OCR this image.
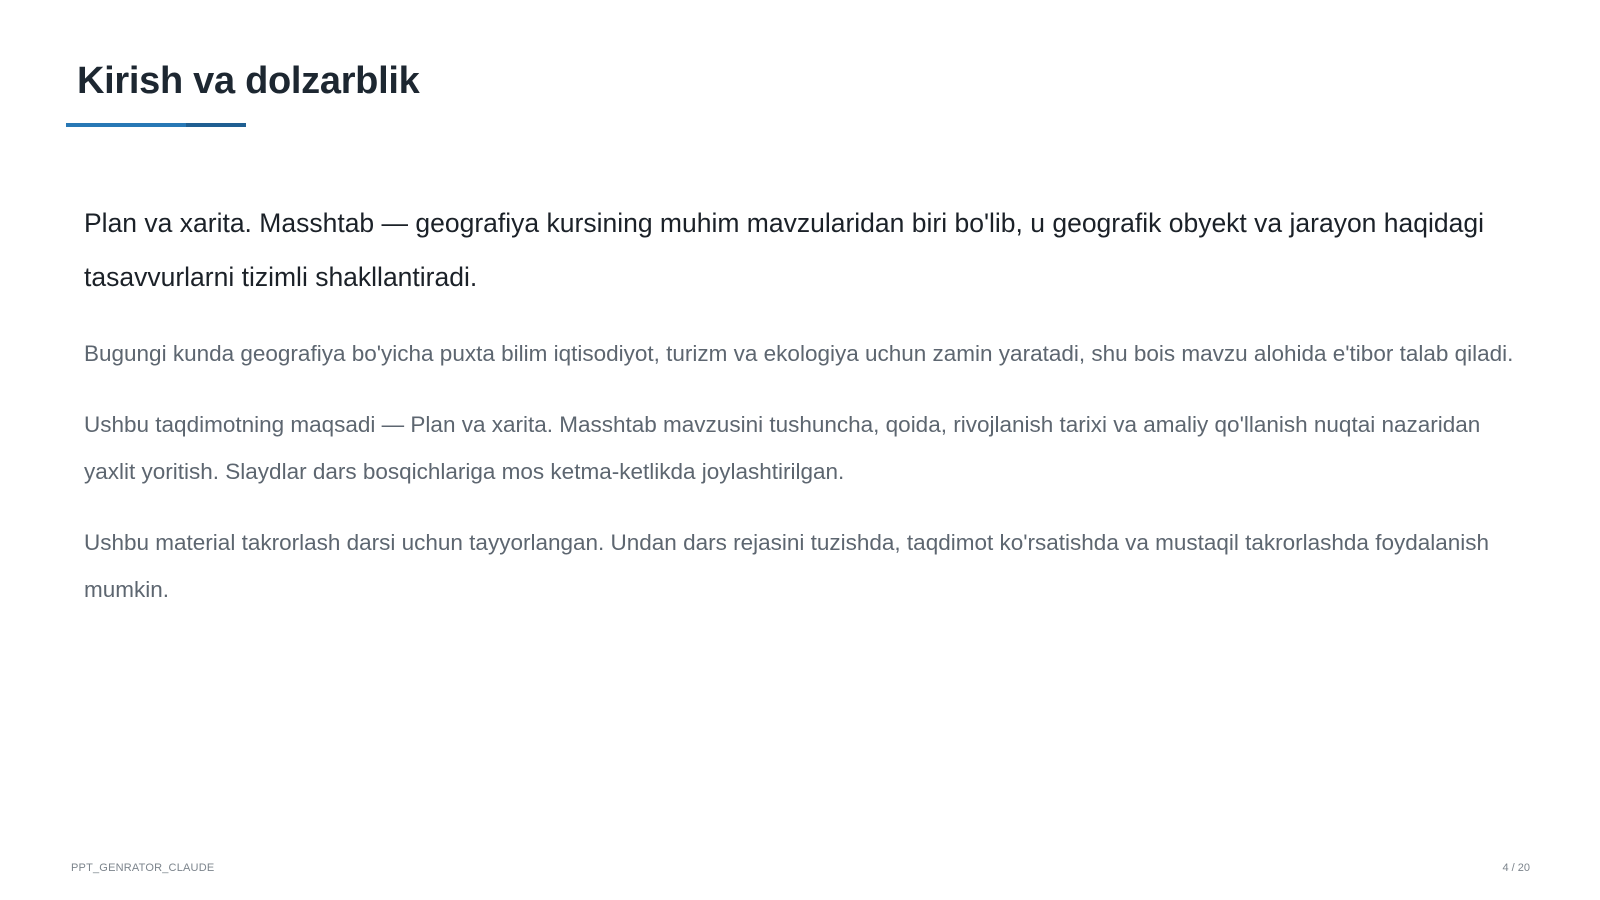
Kirish va dolzarblik

Plan va xarita. Masshtab — geografiya kursining muhim mavzularidan biri bo'lib, u geografik obyekt va jarayon haqidagi tasavvurlarni tizimli shakllantiradi.

Bugungi kunda geografiya bo'yicha puxta bilim iqtisodiyot, turizm va ekologiya uchun zamin yaratadi, shu bois mavzu alohida e'tibor talab qiladi.

Ushbu taqdimotning maqsadi — Plan va xarita. Masshtab mavzusini tushuncha, qoida, rivojlanish tarixi va amaliy qo'llanish nuqtai nazaridan yaxlit yoritish. Slaydlar dars bosqichlariga mos ketma-ketlikda joylashtirilgan.

Ushbu material takrorlash darsi uchun tayyorlangan. Undan dars rejasini tuzishda, taqdimot ko'rsatishda va mustaqil takrorlashda foydalanish mumkin.

PPT_GENRATOR_CLAUDE	4 / 20
